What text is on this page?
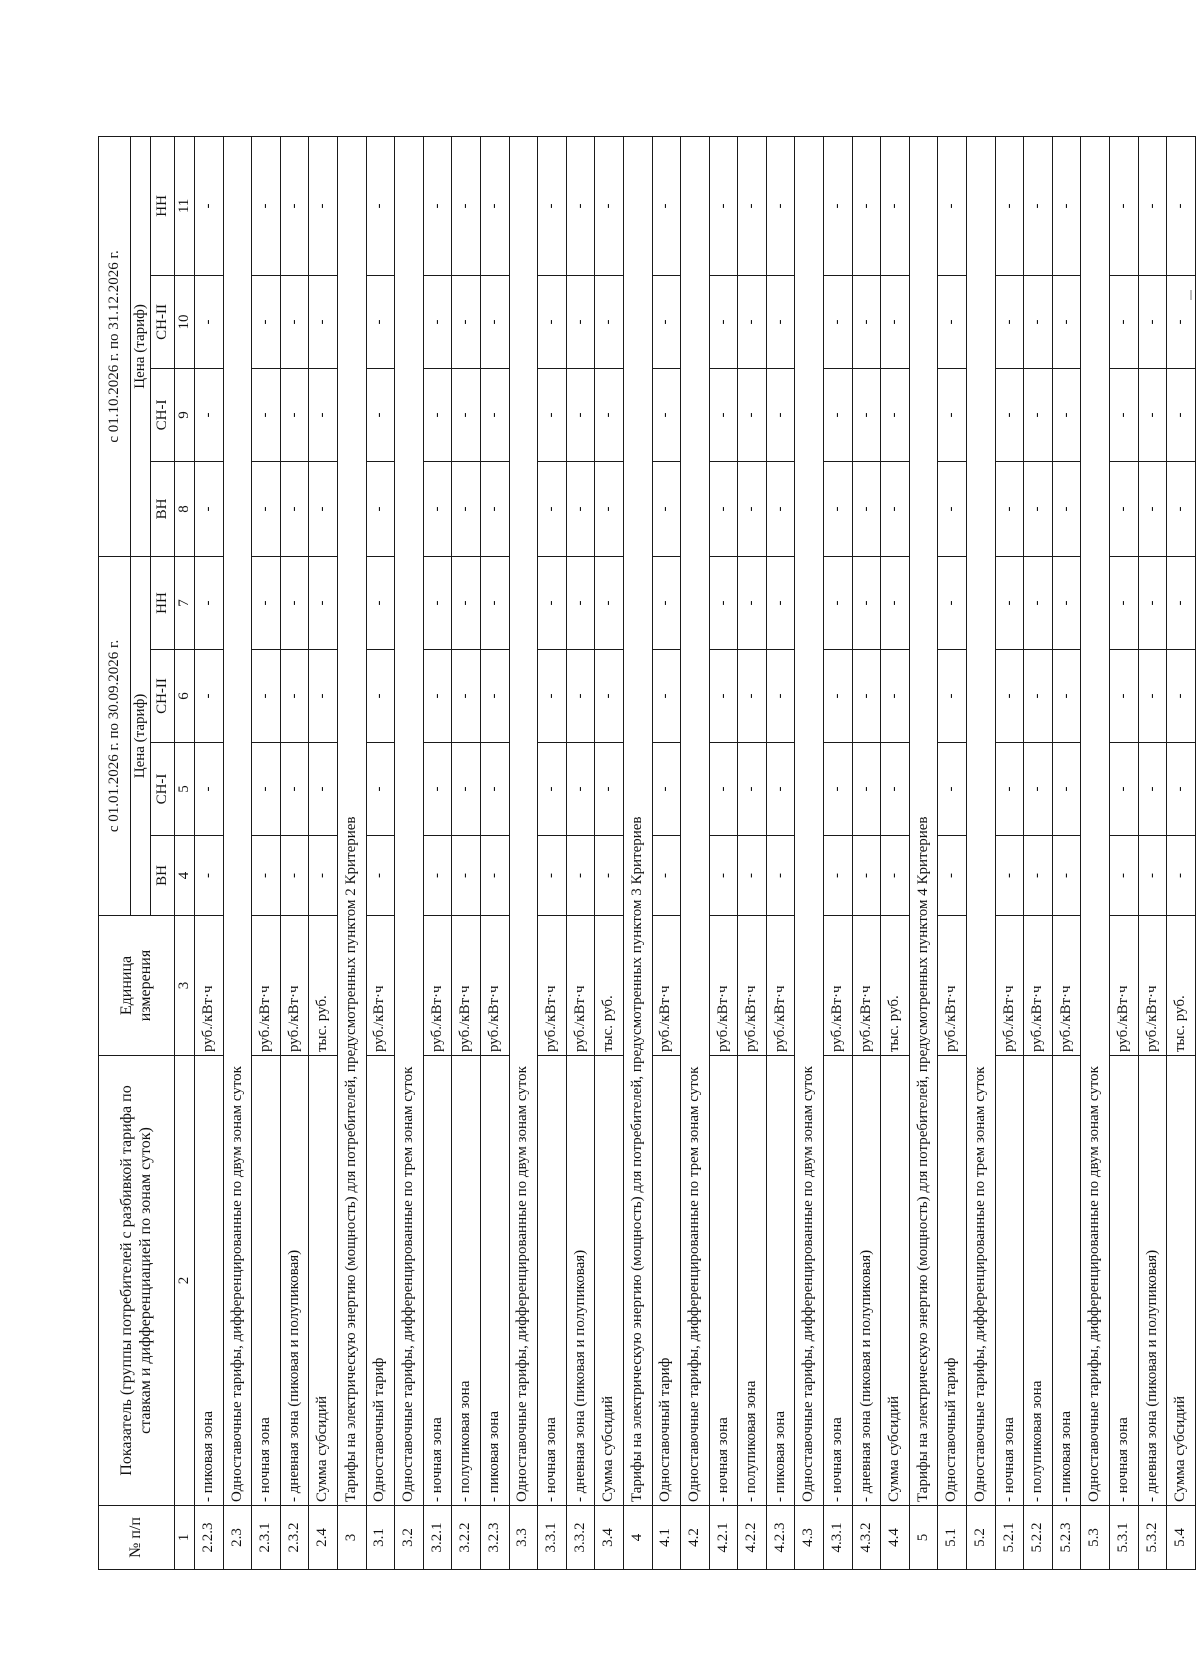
№ п/п	Показатель (группы потребителей с разбивкой тарифа по ставкам и дифференциацией по зонам суток)	Единица измерения	с 01.01.2026 г. по 30.09.2026 г.				с 01.10.2026 г. по 31.12.2026 г.			
			Цена (тариф)				Цена (тариф)			
			ВН	СН-I	СН-II	НН	ВН	СН-I	СН-II	НН
1	2	3	4	5	6	7	8	9	10	11
2.2.3	- пиковая зона	руб./кВт·ч	-	-	-	-	-	-	-	-
2.3	Одноставочные тарифы, дифференцированные по двум зонам суток									
2.3.1	- ночная зона	руб./кВт·ч	-	-	-	-	-	-	-	-
2.3.2	- дневная зона (пиковая и полупиковая)	руб./кВт·ч	-	-	-	-	-	-	-	-
2.4	Сумма субсидий	тыс. руб.	-	-	-	-	-	-	-	-
3	Тарифы на электрическую энергию (мощность) для потребителей, предусмотренных пунктом 2 Критериев									
3.1	Одноставочный тариф	руб./кВт·ч	-	-	-	-	-	-	-	-
3.2	Одноставочные тарифы, дифференцированные по трем зонам суток									
3.2.1	- ночная зона	руб./кВт·ч	-	-	-	-	-	-	-	-
3.2.2	- полупиковая зона	руб./кВт·ч	-	-	-	-	-	-	-	-
3.2.3	- пиковая зона	руб./кВт·ч	-	-	-	-	-	-	-	-
3.3	Одноставочные тарифы, дифференцированные по двум зонам суток									
3.3.1	- ночная зона	руб./кВт·ч	-	-	-	-	-	-	-	-
3.3.2	- дневная зона (пиковая и полупиковая)	руб./кВт·ч	-	-	-	-	-	-	-	-
3.4	Сумма субсидий	тыс. руб.	-	-	-	-	-	-	-	-
4	Тарифы на электрическую энергию (мощность) для потребителей, предусмотренных пунктом 3 Критериев									
4.1	Одноставочный тариф	руб./кВт·ч	-	-	-	-	-	-	-	-
4.2	Одноставочные тарифы, дифференцированные по трем зонам суток									
4.2.1	- ночная зона	руб./кВт·ч	-	-	-	-	-	-	-	-
4.2.2	- полупиковая зона	руб./кВт·ч	-	-	-	-	-	-	-	-
4.2.3	- пиковая зона	руб./кВт·ч	-	-	-	-	-	-	-	-
4.3	Одноставочные тарифы, дифференцированные по двум зонам суток									
4.3.1	- ночная зона	руб./кВт·ч	-	-	-	-	-	-	-	-
4.3.2	- дневная зона (пиковая и полупиковая)	руб./кВт·ч	-	-	-	-	-	-	-	-
4.4	Сумма субсидий	тыс. руб.	-	-	-	-	-	-	-	-
5	Тарифы на электрическую энергию (мощность) для потребителей, предусмотренных пунктом 4 Критериев									
5.1	Одноставочный тариф	руб./кВт·ч	-	-	-	-	-	-	-	-
5.2	Одноставочные тарифы, дифференцированные по трем зонам суток									
5.2.1	- ночная зона	руб./кВт·ч	-	-	-	-	-	-	-	-
5.2.2	- полупиковая зона	руб./кВт·ч	-	-	-	-	-	-	-	-
5.2.3	- пиковая зона	руб./кВт·ч	-	-	-	-	-	-	-	-
5.3	Одноставочные тарифы, дифференцированные по двум зонам суток									
5.3.1	- ночная зона	руб./кВт·ч	-	-	-	-	-	-	-	-
5.3.2	- дневная зона (пиковая и полупиковая)	руб./кВт·ч	-	-	-	-	-	-	-	-
5.4	Сумма субсидий	тыс. руб.	-	-	-	-	-	-	-	-
